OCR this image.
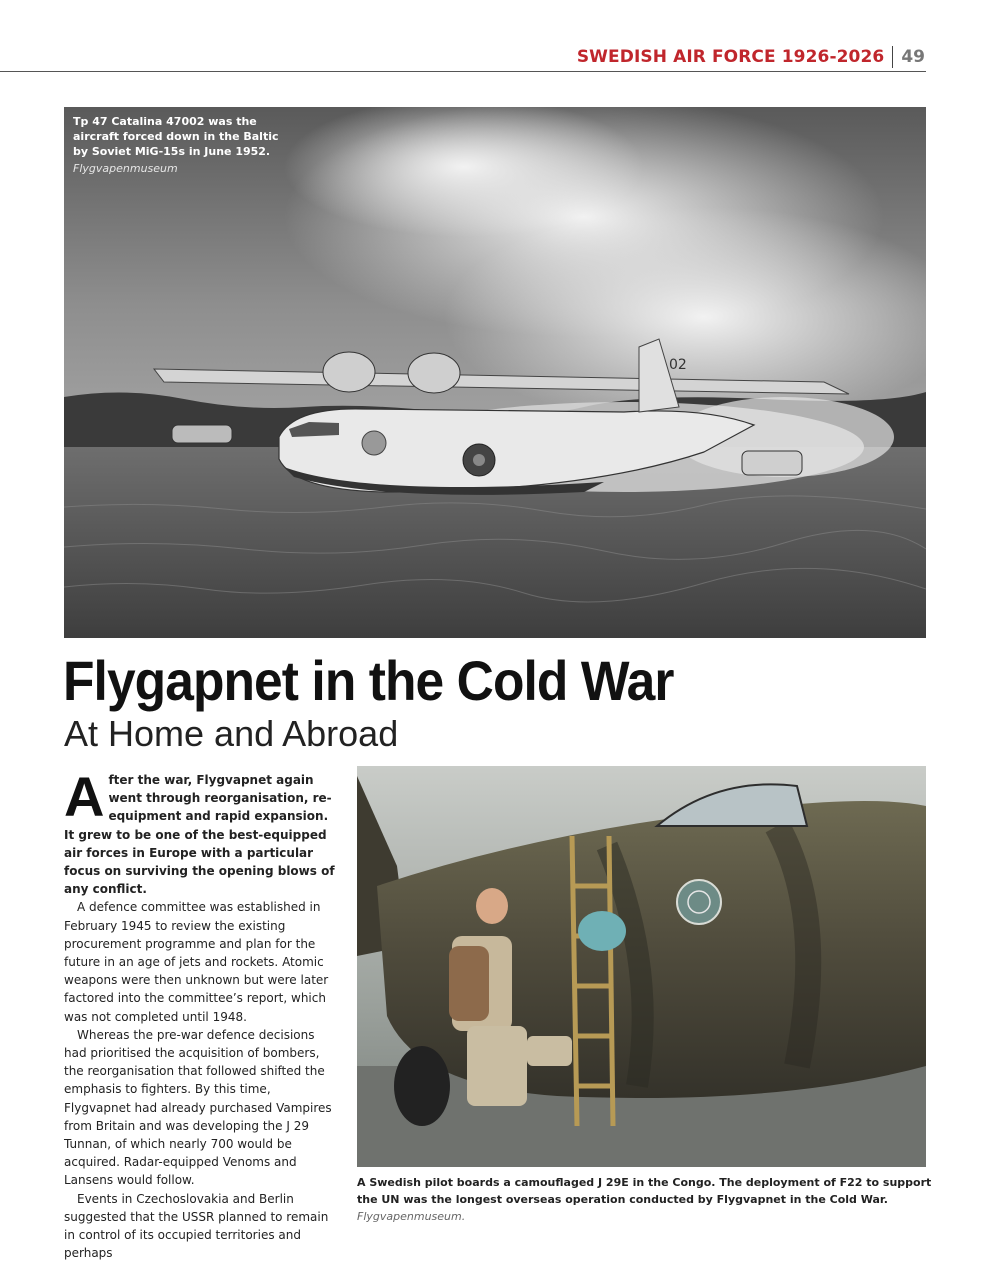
SWEDISH AIR FORCE 1926-2026 49
02
Tp 47 Catalina 47002 was the aircraft forced down in the Baltic by Soviet MiG-15s in June 1952.
Flygvapenmuseum
Flygapnet in the Cold War
At Home and Abroad

After the war, Flygvapnet again went through reorganisation, re-equipment and rapid expansion. It grew to be one of the best-equipped air forces in Europe with a particular focus on surviving the opening blows of any conflict.

A defence committee was established in February 1945 to review the existing procurement programme and plan for the future in an age of jets and rockets. Atomic weapons were then unknown but were later factored into the committee’s report, which was not completed until 1948.

Whereas the pre-war defence decisions had prioritised the acquisition of bombers, the reorganisation that followed shifted the emphasis to fighters. By this time, Flygvapnet had already purchased Vampires from Britain and was developing the J 29 Tunnan, of which nearly 700 would be acquired. Radar-equipped Venoms and Lansens would follow.

Events in Czechoslovakia and Berlin suggested that the USSR planned to remain in control of its occupied territories and perhaps

A Swedish pilot boards a camouflaged J 29E in the Congo. The deployment of F22 to support the UN was the longest overseas operation conducted by Flygvapnet in the Cold War. Flygvapenmuseum.
